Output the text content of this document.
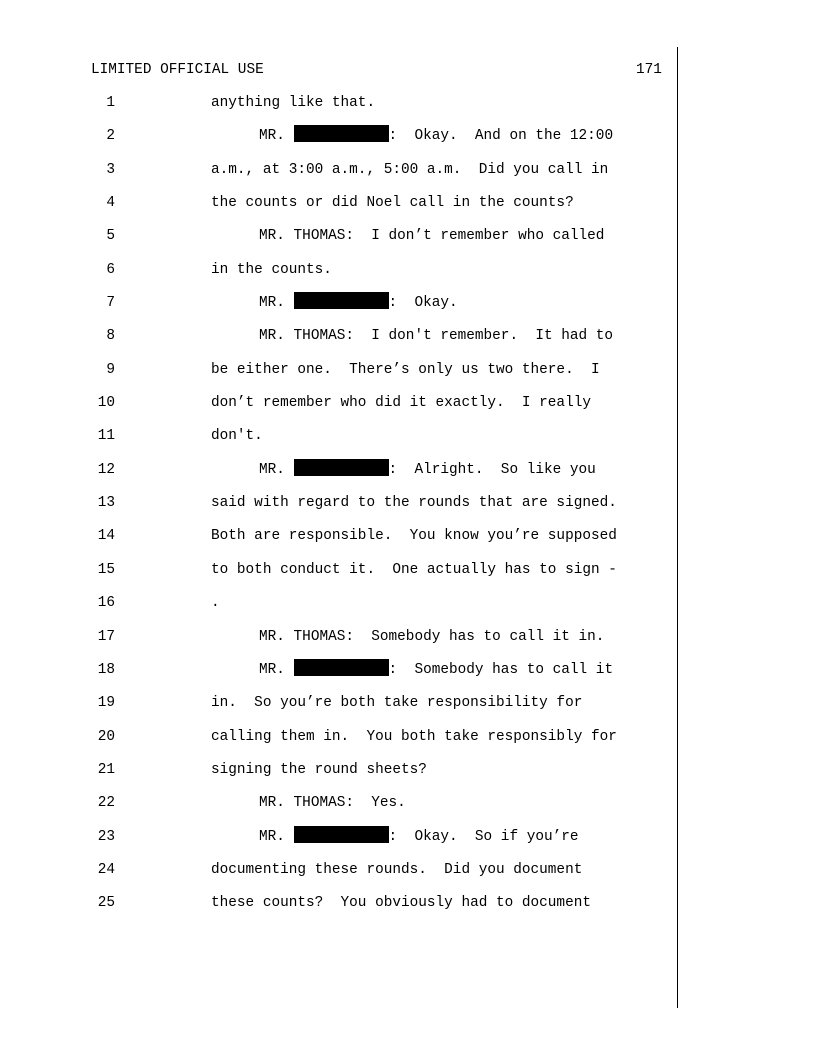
LIMITED OFFICIAL USE	171
1	anything like that.
2	MR.	:  Okay.  And on the 12:00
3	a.m., at 3:00 a.m., 5:00 a.m.  Did you call in
4	the counts or did Noel call in the counts?
5	MR. THOMAS:  I don’t remember who called
6	in the counts.
7	MR.	:  Okay.
8	MR. THOMAS:  I don't remember.  It had to
9	be either one.  There’s only us two there.  I
10	don’t remember who did it exactly.  I really
11	don't.
12	MR.	:  Alright.  So like you
13	said with regard to the rounds that are signed.
14	Both are responsible.  You know you’re supposed
15	to both conduct it.  One actually has to sign -
16	.
17	MR. THOMAS:  Somebody has to call it in.
18	MR.	:  Somebody has to call it
19	in.  So you’re both take responsibility for
20	calling them in.  You both take responsibly for
21	signing the round sheets?
22	MR. THOMAS:  Yes.
23	MR.	:  Okay.  So if you’re
24	documenting these rounds.  Did you document
25	these counts?  You obviously had to document
